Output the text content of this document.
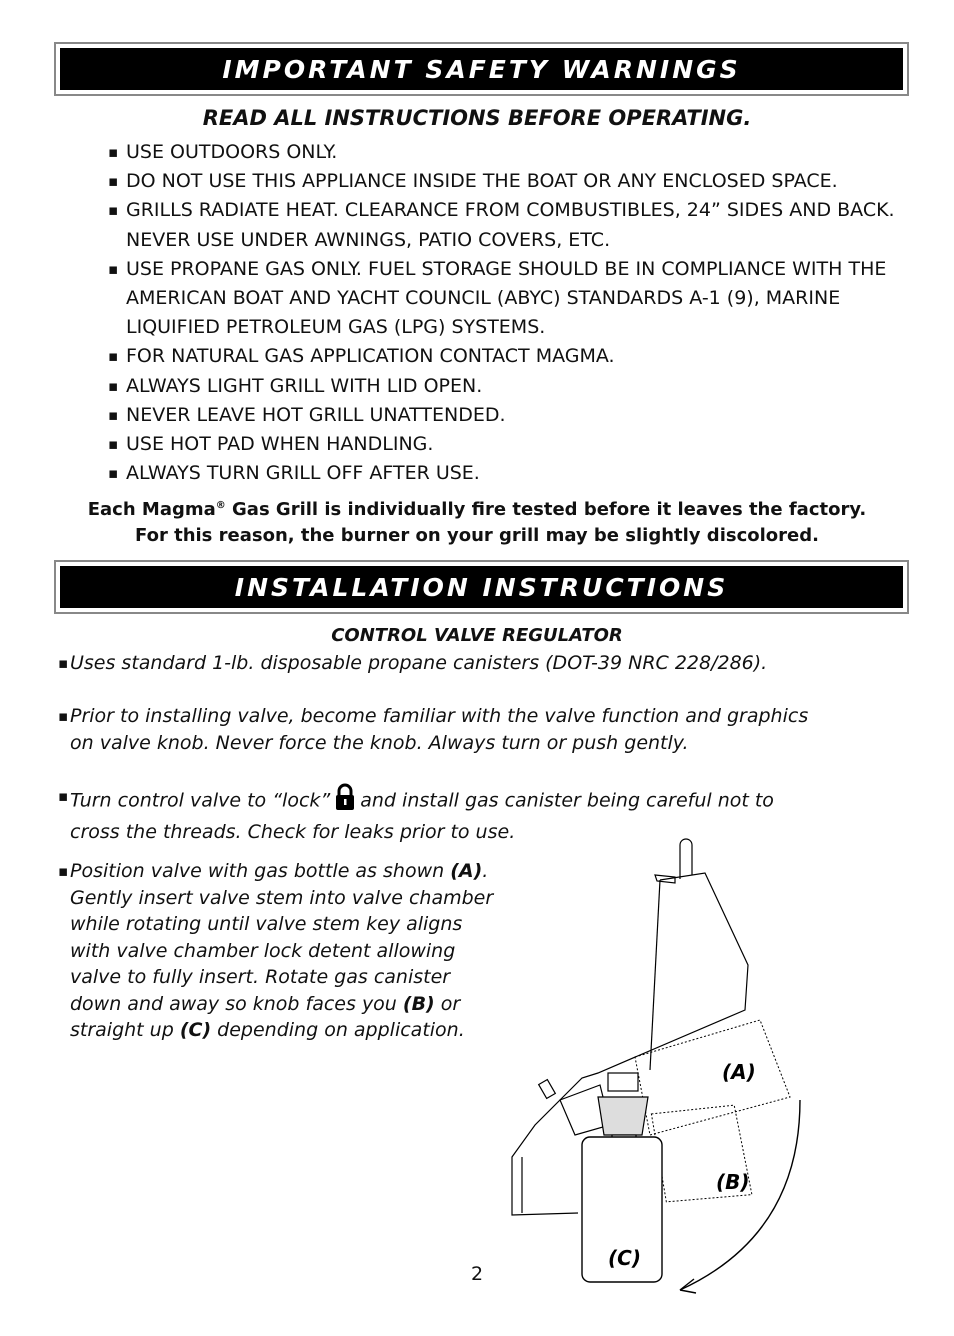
IMPORTANT SAFETY WARNINGS
READ ALL INSTRUCTIONS BEFORE OPERATING.
▪ USE OUTDOORS ONLY.
▪ DO NOT USE THIS APPLIANCE INSIDE THE BOAT OR ANY ENCLOSED SPACE.
▪ GRILLS RADIATE HEAT. CLEARANCE FROM COMBUSTIBLES, 24” SIDES AND BACK. NEVER USE UNDER AWNINGS, PATIO COVERS, ETC.
▪ USE PROPANE GAS ONLY. FUEL STORAGE SHOULD BE IN COMPLIANCE WITH THE AMERICAN BOAT AND YACHT COUNCIL (ABYC) STANDARDS A-1 (9), MARINE LIQUIFIED PETROLEUM GAS (LPG) SYSTEMS.
▪ FOR NATURAL GAS APPLICATION CONTACT MAGMA.
▪ ALWAYS LIGHT GRILL WITH LID OPEN.
▪ NEVER LEAVE HOT GRILL UNATTENDED.
▪ USE HOT PAD WHEN HANDLING.
▪ ALWAYS TURN GRILL OFF AFTER USE.
Each Magma® Gas Grill is individually fire tested before it leaves the factory.
For this reason, the burner on your grill may be slightly discolored.
INSTALLATION INSTRUCTIONS
CONTROL VALVE REGULATOR
▪ Uses standard 1-lb. disposable propane canisters (DOT-39 NRC 228/286).
▪ Prior to installing valve, become familiar with the valve function and graphics
on valve knob. Never force the knob. Always turn or push gently.
▪ Turn control valve to “lock” and install gas canister being careful not to
cross the threads. Check for leaks prior to use.
▪ Position valve with gas bottle as shown (A).
Gently insert valve stem into valve chamber
while rotating until valve stem key aligns
with valve chamber lock detent allowing
valve to fully insert. Rotate gas canister
down and away so knob faces you (B) or
straight up (C) depending on application.
(A)
(B)
(C)
2
